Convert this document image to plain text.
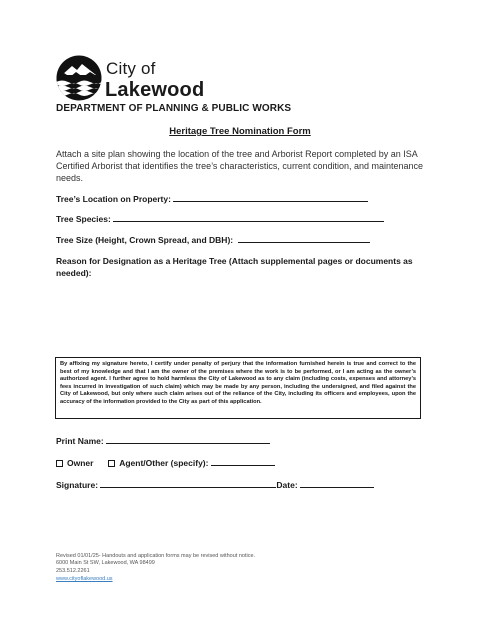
City of
Lakewood
DEPARTMENT OF PLANNING & PUBLIC WORKS
Heritage Tree Nomination Form
Attach a site plan showing the location of the tree and Arborist Report completed by an ISA Certified Arborist that identifies the tree’s characteristics, current condition, and maintenance needs.
Tree’s Location on Property:
Tree Species:
Tree Size (Height, Crown Spread, and DBH):
Reason for Designation as a Heritage Tree (Attach supplemental pages or documents as needed):
By affixing my signature hereto, I certify under penalty of perjury that the information furnished herein is true and correct to the best of my knowledge and that I am the owner of the premises where the work is to be performed, or I am acting as the owner’s authorized agent. I further agree to hold harmless the City of Lakewood as to any claim (including costs, expenses and attorney’s fees incurred in investigation of such claim) which may be made by any person, including the undersigned, and filed against the City of Lakewood, but only where such claim arises out of the reliance of the City, including its officers and employees, upon the accuracy of the information provided to the City as part of this application.
Print Name:
Owner	Agent/Other (specify):
Signature:	Date:
Revised 01/01/25- Handouts and application forms may be revised without notice.
6000 Main St SW, Lakewood, WA 98499
253.512.2261
www.cityoflakewood.us
